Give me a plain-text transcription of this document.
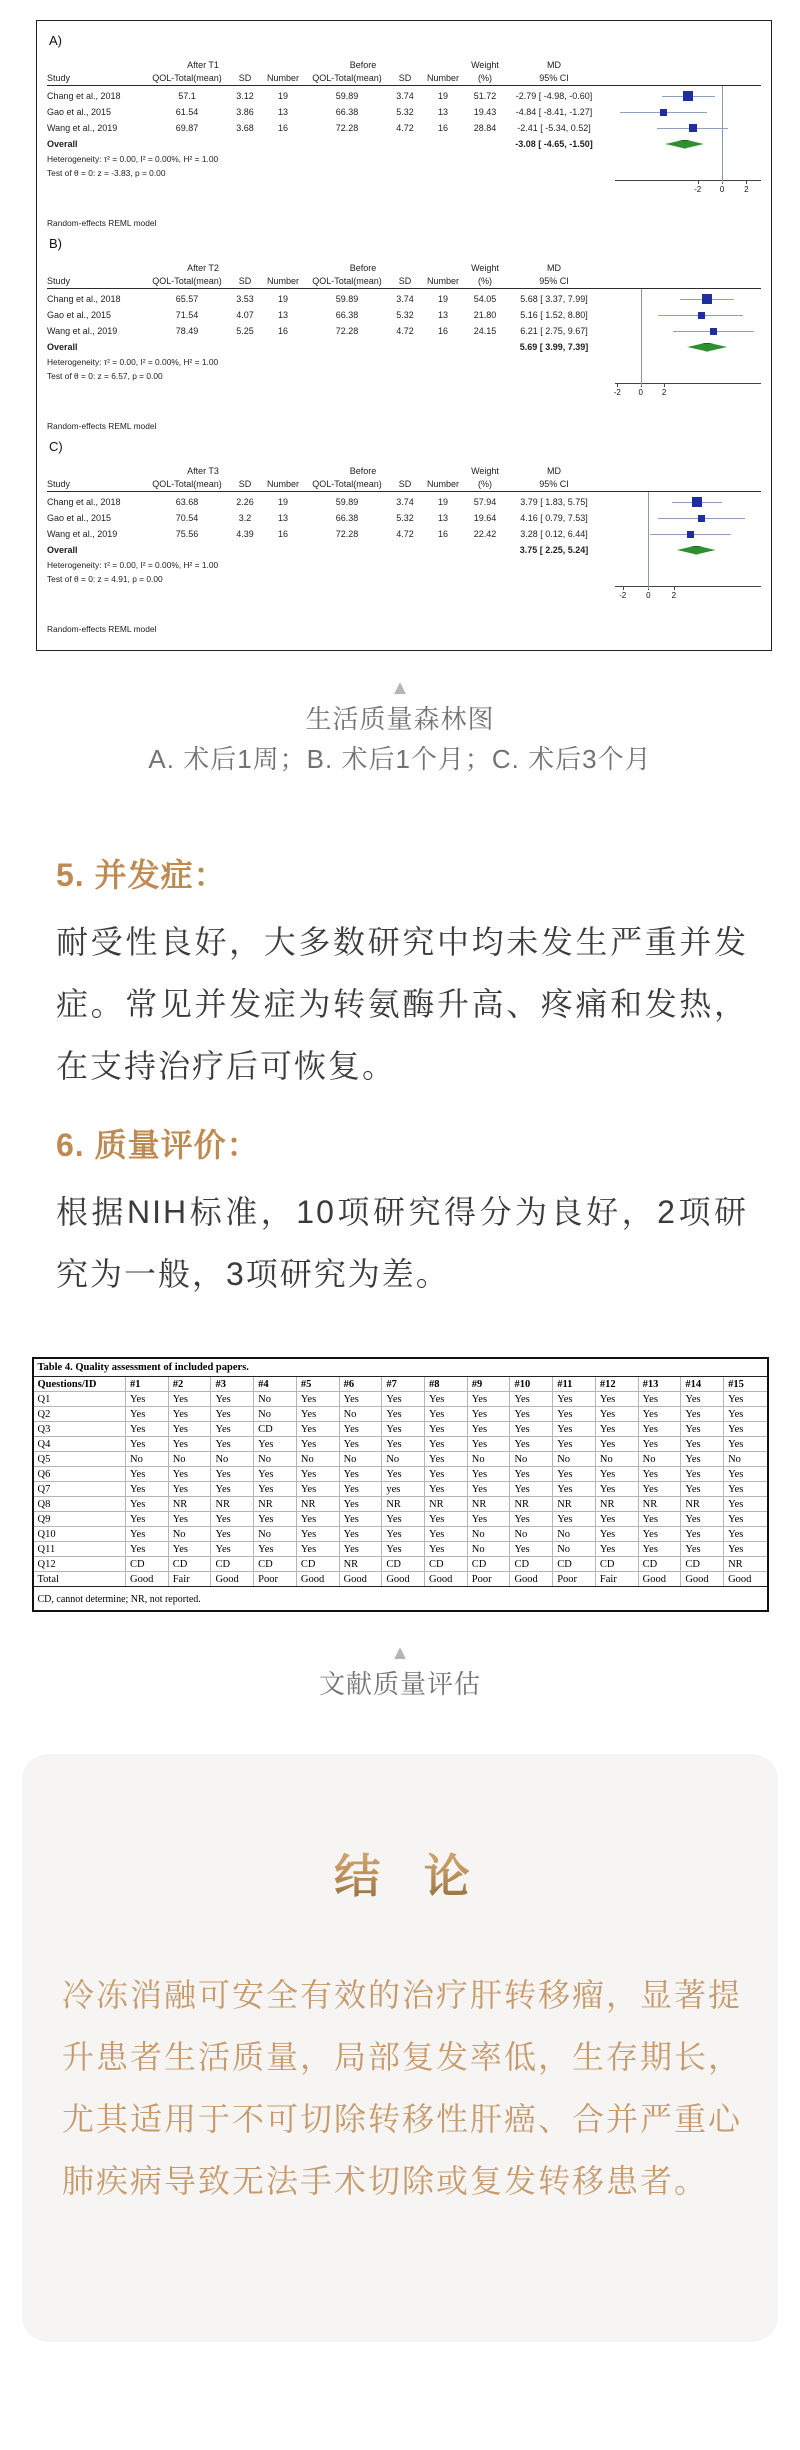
A)
After T1	Before	Weight	MD
Study	QOL-Total(mean)	SD	Number	QOL-Total(mean)	SD	Number	(%)	95% CI
Chang et al., 2018	57.1	3.12	19	59.89	3.74	19	51.72	-2.79 [ -4.98, -0.60]
Gao et al., 2015	61.54	3.86	13	66.38	5.32	13	19.43	-4.84 [ -8.41, -1.27]
Wang et al., 2019	69.87	3.68	16	72.28	4.72	16	28.84	-2.41 [ -5.34, 0.52]
Overall	-3.08 [ -4.65, -1.50]
Heterogeneity: τ² = 0.00, I² = 0.00%, H² = 1.00
Test of θ = 0: z = -3.83, p = 0.00
-2 0 2
Random-effects REML model
B)
After T2	Before	Weight	MD
Study	QOL-Total(mean)	SD	Number	QOL-Total(mean)	SD	Number	(%)	95% CI
Chang et al., 2018	65.57	3.53	19	59.89	3.74	19	54.05	5.68 [ 3.37, 7.99]
Gao et al., 2015	71.54	4.07	13	66.38	5.32	13	21.80	5.16 [ 1.52, 8.80]
Wang et al., 2019	78.49	5.25	16	72.28	4.72	16	24.15	6.21 [ 2.75, 9.67]
Overall	5.69 [ 3.99, 7.39]
Heterogeneity: τ² = 0.00, I² = 0.00%, H² = 1.00
Test of θ = 0: z = 6.57, p = 0.00
-2 0 2
Random-effects REML model
C)
After T3	Before	Weight	MD
Study	QOL-Total(mean)	SD	Number	QOL-Total(mean)	SD	Number	(%)	95% CI
Chang et al., 2018	63.68	2.26	19	59.89	3.74	19	57.94	3.79 [ 1.83, 5.75]
Gao et al., 2015	70.54	3.2	13	66.38	5.32	13	19.64	4.16 [ 0.79, 7.53]
Wang et al., 2019	75.56	4.39	16	72.28	4.72	16	22.42	3.28 [ 0.12, 6.44]
Overall	3.75 [ 2.25, 5.24]
Heterogeneity: τ² = 0.00, I² = 0.00%, H² = 1.00
Test of θ = 0: z = 4.91, p = 0.00
-2 0	2
Random-effects REML model
▲
生活质量森林图
A. 术后1周；B. 术后1个月；C. 术后3个月
5. 并发症：
耐受性良好，大多数研究中均未发生严重并发症。常见并发症为转氨酶升高、疼痛和发热，在支持治疗后可恢复。
6. 质量评价：
根据NIH标准，10项研究得分为良好，2项研究为一般，3项研究为差。
Table 4. Quality assessment of included papers.
Questions/ID	#1	#2	#3	#4	#5	#6	#7	#8	#9	#10	#11	#12	#13	#14	#15
Q1	Yes	Yes	Yes	No	Yes	Yes	Yes	Yes	Yes	Yes	Yes	Yes	Yes	Yes	Yes
Q2	Yes	Yes	Yes	No	Yes	No	Yes	Yes	Yes	Yes	Yes	Yes	Yes	Yes	Yes
Q3	Yes	Yes	Yes	CD	Yes	Yes	Yes	Yes	Yes	Yes	Yes	Yes	Yes	Yes	Yes
Q4	Yes	Yes	Yes	Yes	Yes	Yes	Yes	Yes	Yes	Yes	Yes	Yes	Yes	Yes	Yes
Q5	No	No	No	No	No	No	No	Yes	No	No	No	No	No	Yes	No
Q6	Yes	Yes	Yes	Yes	Yes	Yes	Yes	Yes	Yes	Yes	Yes	Yes	Yes	Yes	Yes
Q7	Yes	Yes	Yes	Yes	Yes	Yes	yes	Yes	Yes	Yes	Yes	Yes	Yes	Yes	Yes
Q8	Yes	NR	NR	NR	NR	Yes	NR	NR	NR	NR	NR	NR	NR	NR	Yes
Q9	Yes	Yes	Yes	Yes	Yes	Yes	Yes	Yes	Yes	Yes	Yes	Yes	Yes	Yes	Yes
Q10	Yes	No	Yes	No	Yes	Yes	Yes	Yes	No	No	No	Yes	Yes	Yes	Yes
Q11	Yes	Yes	Yes	Yes	Yes	Yes	Yes	Yes	No	Yes	No	Yes	Yes	Yes	Yes
Q12	CD	CD	CD	CD	CD	NR	CD	CD	CD	CD	CD	CD	CD	CD	NR
Total	Good	Fair	Good	Poor	Good	Good	Good	Good	Poor	Good	Poor	Fair	Good	Good	Good
CD, cannot determine; NR, not reported.
▲
文献质量评估
结 论
冷冻消融可安全有效的治疗肝转移瘤，显著提升患者生活质量，局部复发率低，生存期长，尤其适用于不可切除转移性肝癌、合并严重心肺疾病导致无法手术切除或复发转移患者。
